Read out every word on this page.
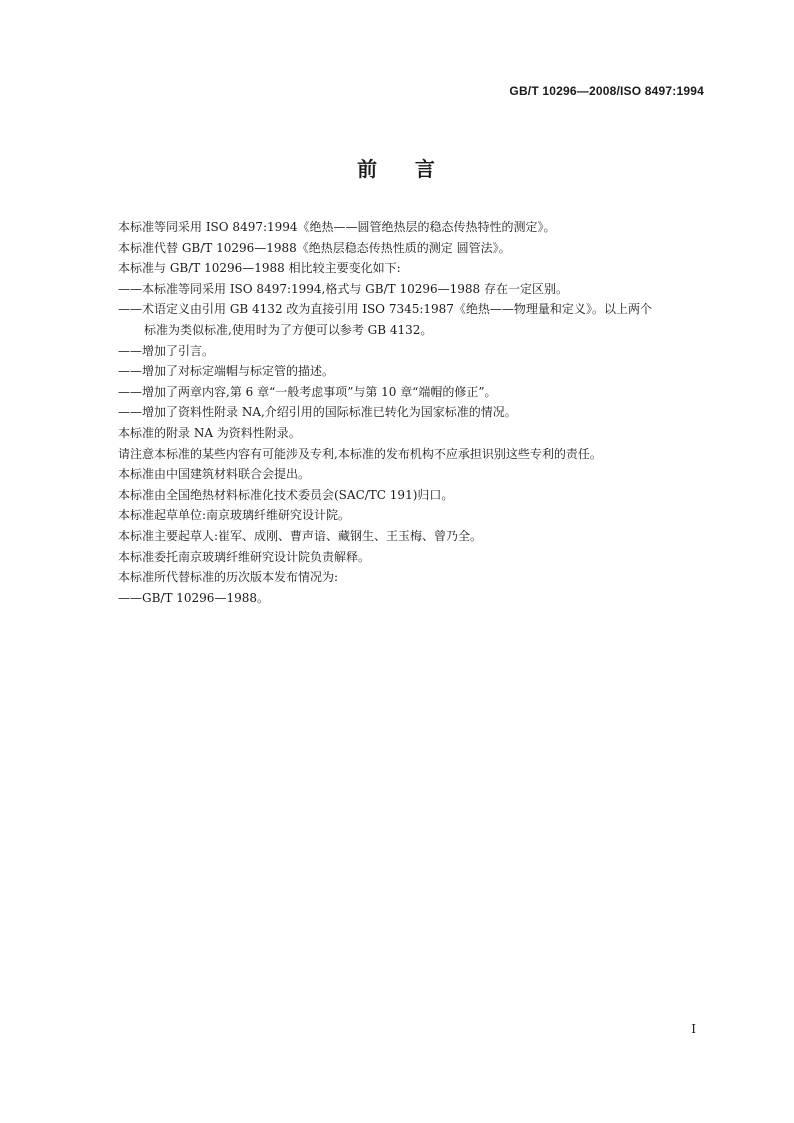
GB/T 10296—2008/ISO 8497:1994
前    言

本标准等同采用 ISO 8497:1994《绝热——圆管绝热层的稳态传热特性的测定》。

本标准代替 GB/T 10296—1988《绝热层稳态传热性质的测定 圆管法》。

本标准与 GB/T 10296—1988 相比较主要变化如下:

——本标准等同采用 ISO 8497:1994,格式与 GB/T 10296—1988 存在一定区别。

——术语定义由引用 GB 4132 改为直接引用 ISO 7345:1987《绝热——物理量和定义》。以上两个

标准为类似标准,使用时为了方便可以参考 GB 4132。

——增加了引言。

——增加了对标定端帽与标定管的描述。

——增加了两章内容,第 6 章“一般考虑事项”与第 10 章“端帽的修正”。

——增加了资料性附录 NA,介绍引用的国际标准已转化为国家标准的情况。

本标准的附录 NA 为资料性附录。

请注意本标准的某些内容有可能涉及专利,本标准的发布机构不应承担识别这些专利的责任。

本标准由中国建筑材料联合会提出。

本标准由全国绝热材料标准化技术委员会(SAC/TC 191)归口。

本标准起草单位:南京玻璃纤维研究设计院。

本标准主要起草人:崔军、成刚、曹声谙、藏钢生、王玉梅、曾乃全。

本标准委托南京玻璃纤维研究设计院负责解释。

本标准所代替标准的历次版本发布情况为:

——GB/T 10296—1988。

I
